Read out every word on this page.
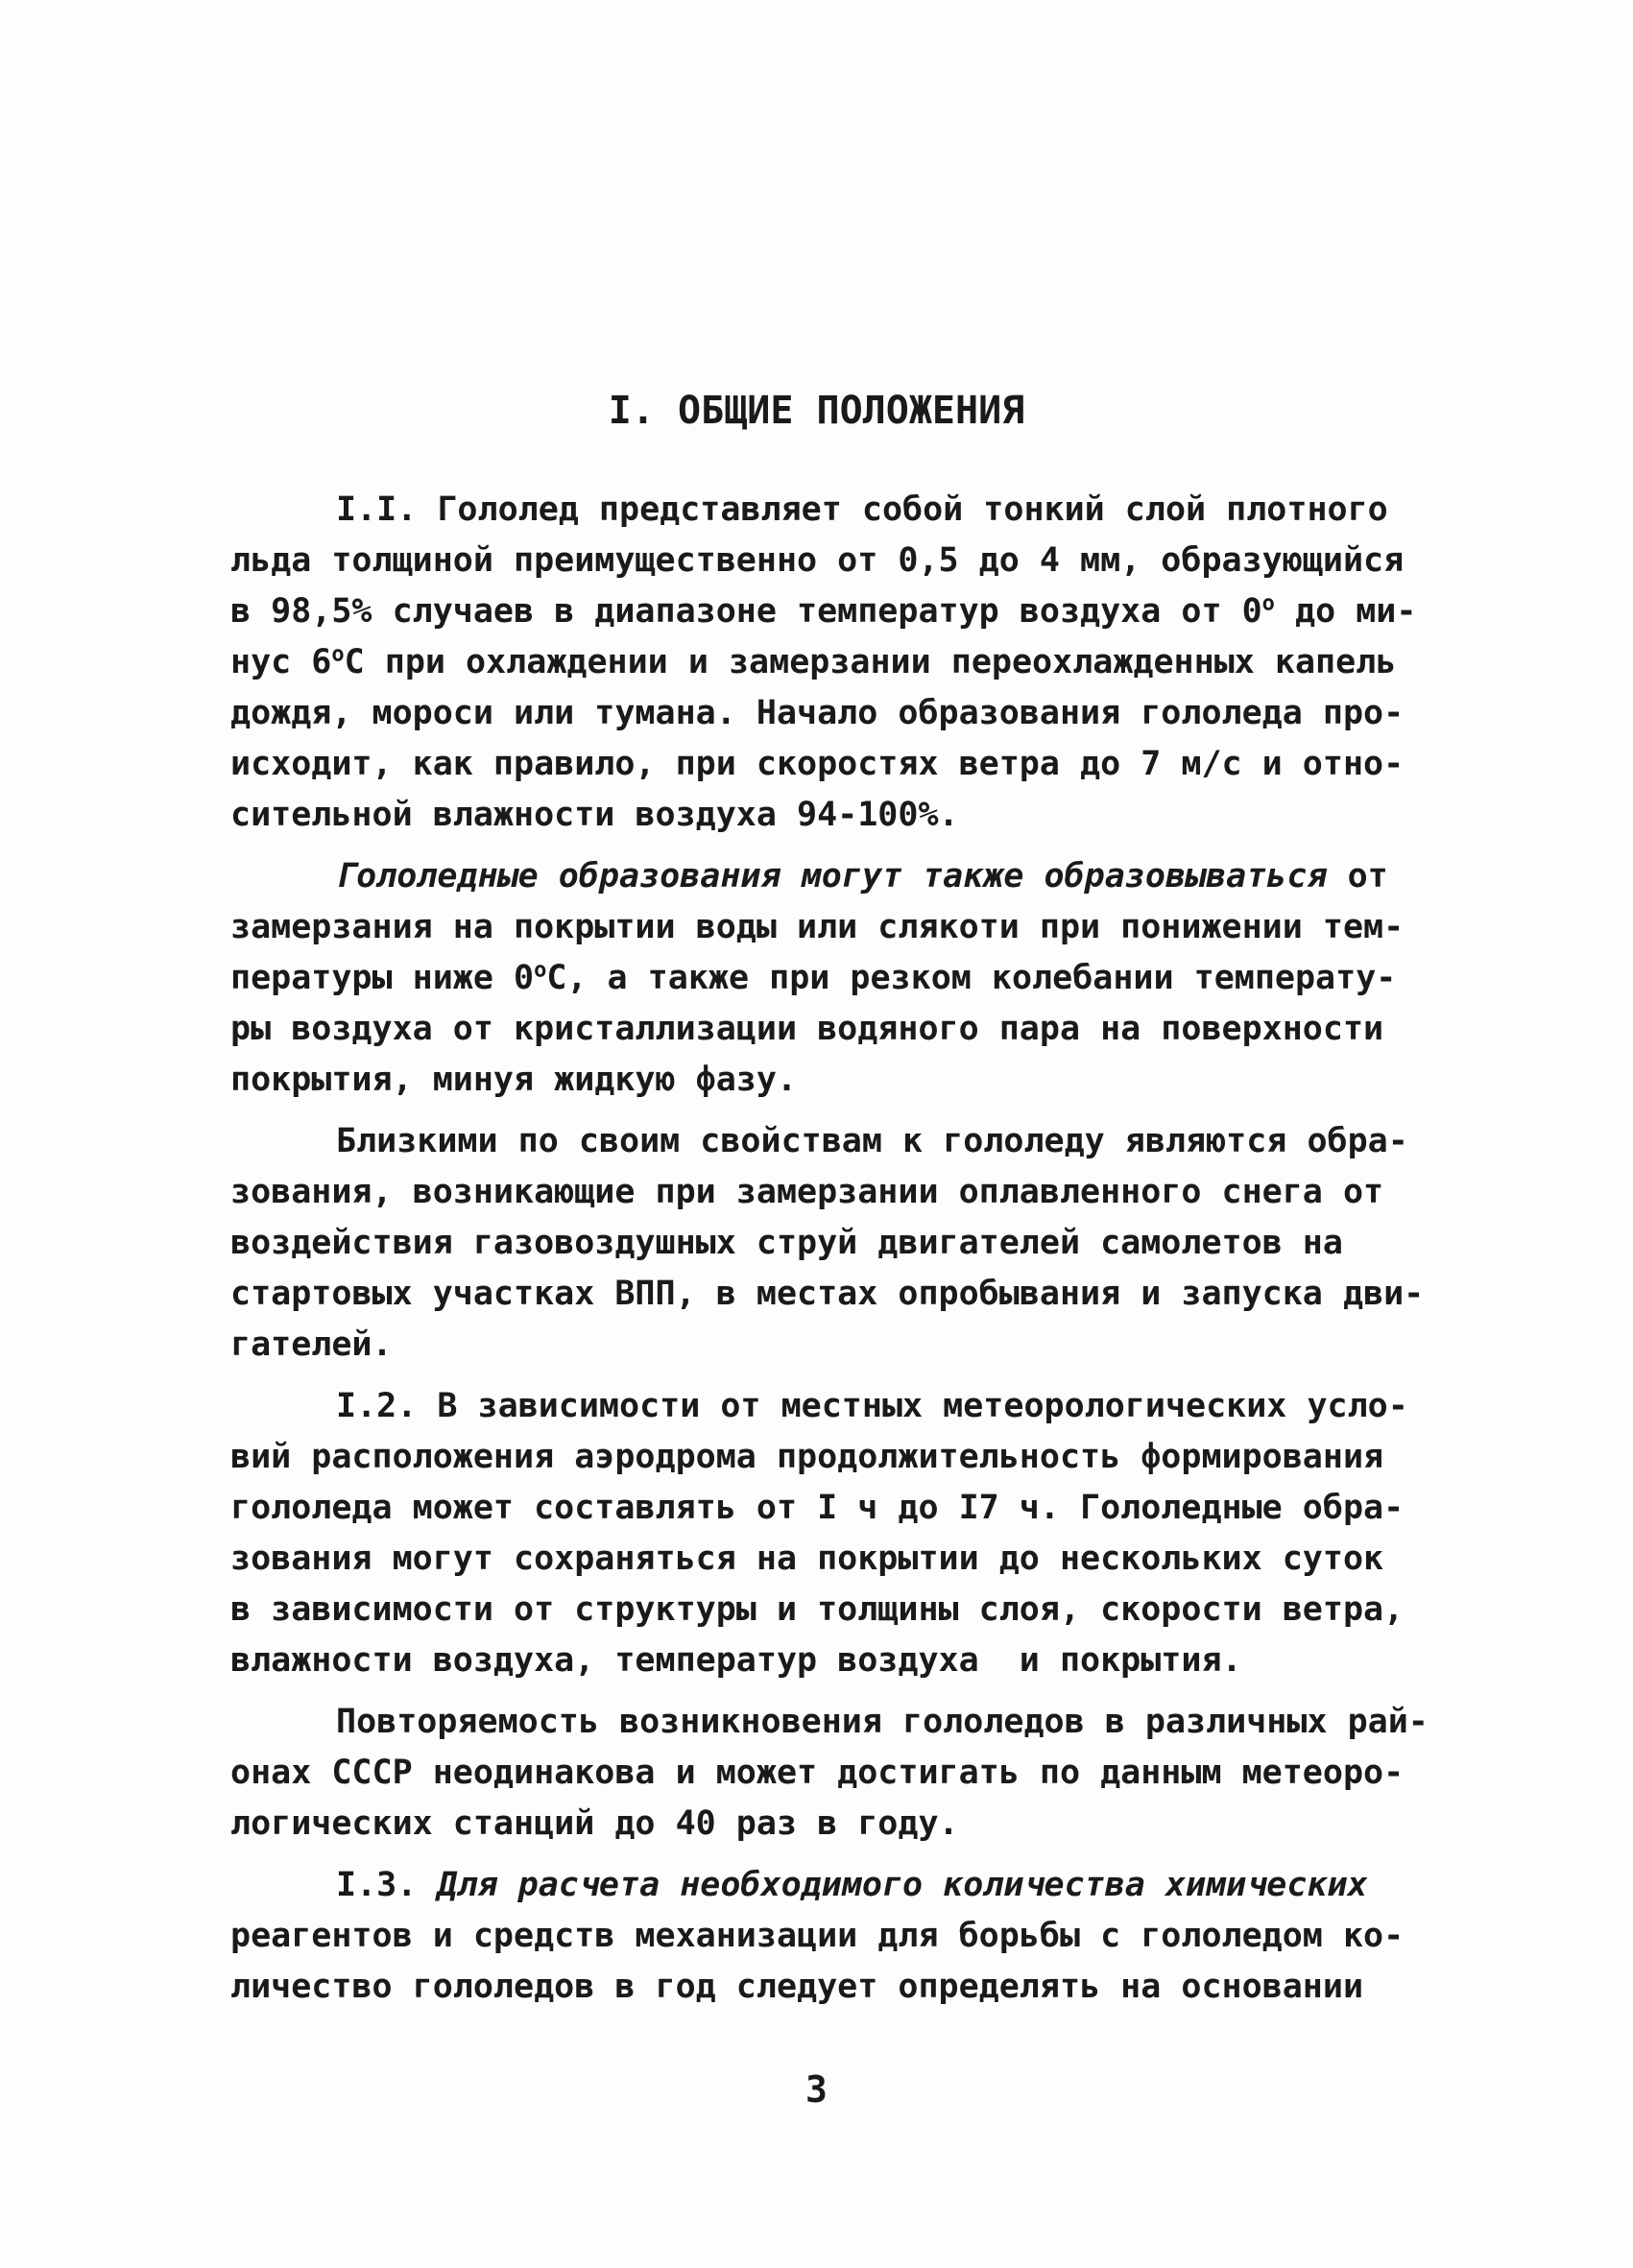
I. ОБЩИЕ ПОЛОЖЕНИЯ
I.I. Гололед представляет собой тонкий слой плотного
льда толщиной преимущественно от 0,5 до 4 мм, образующийся
в 98,5% случаев в диапазоне температур воздуха от $0^о$ до ми-
нус $6^оС$ при охлаждении и замерзании переохлажденных капель
дождя, мороси или тумана. Начало образования гололеда про-
исходит, как правило, при скоростях ветра до 7 м/с и отно-
сительной влажности воздуха 94-100%.
Гололедные образования могут также образовываться от
замерзания на покрытии воды или слякоти при понижении тем-
пературы ниже $0^оС$, а также при резком колебании температу-
ры воздуха от кристаллизации водяного пара на поверхности
покрытия, минуя жидкую фазу.
Близкими по своим свойствам к гололеду являются обра-
зования, возникающие при замерзании оплавленного снега от
воздействия газовоздушных струй двигателей самолетов на
стартовых участках ВПП, в местах опробывания и запуска дви-
гателей.
I.2. В зависимости от местных метеорологических усло-
вий расположения аэродрома продолжительность формирования
гололеда может составлять от I ч до I7 ч. Гололедные обра-
зования могут сохраняться на покрытии до нескольких суток
в зависимости от структуры и толщины слоя, скорости ветра,
влажности воздуха, температур воздуха  и покрытия.
Повторяемость возникновения гололедов в различных рай-
онах СССР неодинакова и может достигать по данным метеоро-
логических станций до 40 раз в году.
I.3. Для расчета необходимого количества химических
реагентов и средств механизации для борьбы с гололедом ко-
личество гололедов в год следует определять на основании
3
